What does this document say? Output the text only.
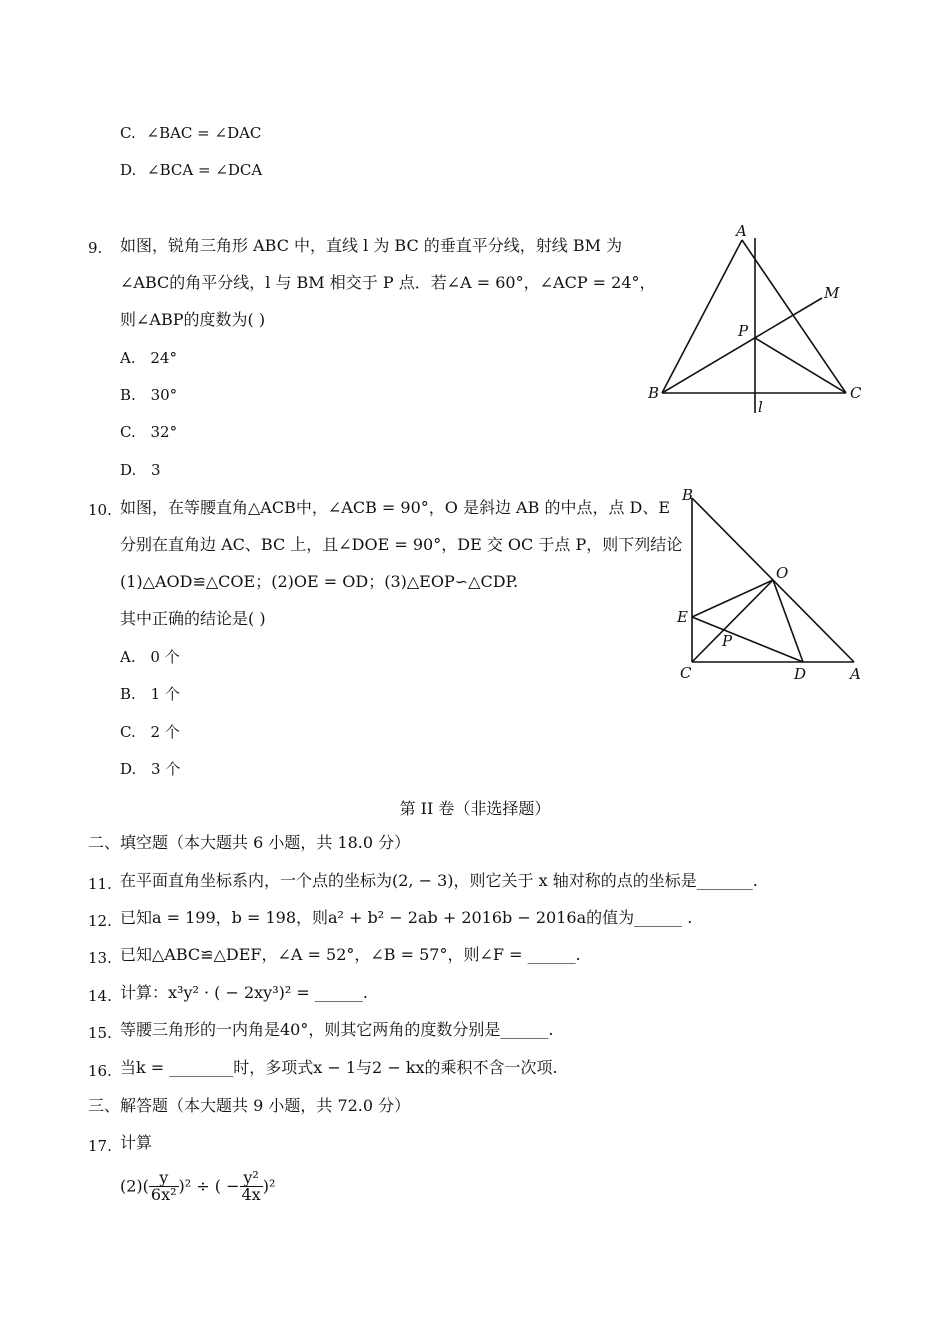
C. ∠BAC = ∠DAC
D. ∠BCA = ∠DCA
9. 如图，锐角三角形 ABC 中，直线 l 为 BC 的垂直平分线，射线 BM 为
∠ABC的角平分线，l 与 BM 相交于 P 点．若∠A = 60°，∠ACP = 24°，
则∠ABP的度数为( )
A. 24°
B. 30°
C. 32°
D. 3
A
B	C
M
P
l
10. 如图，在等腰直角△ACB中，∠ACB = 90°，O 是斜边 AB 的中点，点 D、E
分别在直角边 AC、BC 上，且∠DOE = 90°，DE 交 OC 于点 P，则下列结论
(1)△AOD≌△COE；(2)OE = OD；(3)△EOP∽△CDP.
其中正确的结论是( )
A. 0 个
B. 1 个
C. 2 个
D. 3 个
B
O
E
P
C	D	A
第 II 卷（非选择题）
二、填空题（本大题共 6 小题，共 18.0 分）
11. 在平面直角坐标系内，一个点的坐标为(2, − 3)，则它关于 x 轴对称的点的坐标是_______.
12. 已知a = 199，b = 198，则a² + b² − 2ab + 2016b − 2016a的值为______ .
13. 已知△ABC≌△DEF，∠A = 52°，∠B = 57°，则∠F = ______.
14. 计算：x³y² · ( − 2xy³)² = ______.
15. 等腰三角形的一内角是40°，则其它两角的度数分别是______.
16. 当k = ________时，多项式x − 1与2 − kx的乘积不含一次项.
三、解答题（本大题共 9 小题，共 72.0 分）
17. 计算
$(2)( \frac{y}{\text{6x²}} )^2$ ÷ ( − $\frac{\text{y²}}{4x} )^2$
